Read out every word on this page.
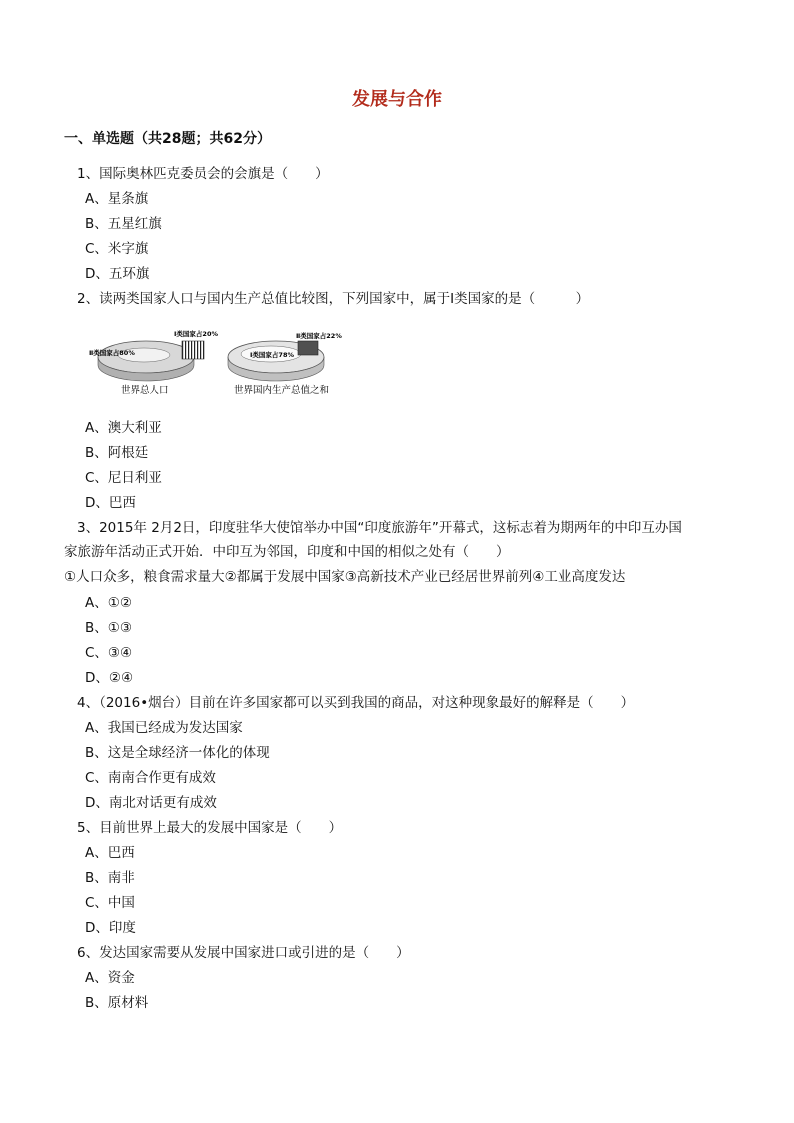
发展与合作
一、单选题（共28题；共62分）
1、国际奥林匹克委员会的会旗是（　　）
A、星条旗
B、五星红旗
C、米字旗
D、五环旗
2、读两类国家人口与国内生产总值比较图，下列国家中，属于Ⅰ类国家的是（　　　）
Ⅰ类国家占20%
Ⅱ类国家占80%
世界总人口
Ⅱ类国家占22%
Ⅰ类国家占78%
世界国内生产总值之和
A、澳大利亚
B、阿根廷
C、尼日利亚
D、巴西
3、2015年 2月2日，印度驻华大使馆举办中国“印度旅游年”开幕式，这标志着为期两年的中印互办国
家旅游年活动正式开始．中印互为邻国，印度和中国的相似之处有（　　）
①人口众多，粮食需求量大②都属于发展中国家③高新技术产业已经居世界前列④工业高度发达
A、①②
B、①③
C、③④
D、②④
4、（2016•烟台）目前在许多国家都可以买到我国的商品，对这种现象最好的解释是（　　）
A、我国已经成为发达国家
B、这是全球经济一体化的体现
C、南南合作更有成效
D、南北对话更有成效
5、目前世界上最大的发展中国家是（　　）
A、巴西
B、南非
C、中国
D、印度
6、发达国家需要从发展中国家进口或引进的是（　　）
A、资金
B、原材料
